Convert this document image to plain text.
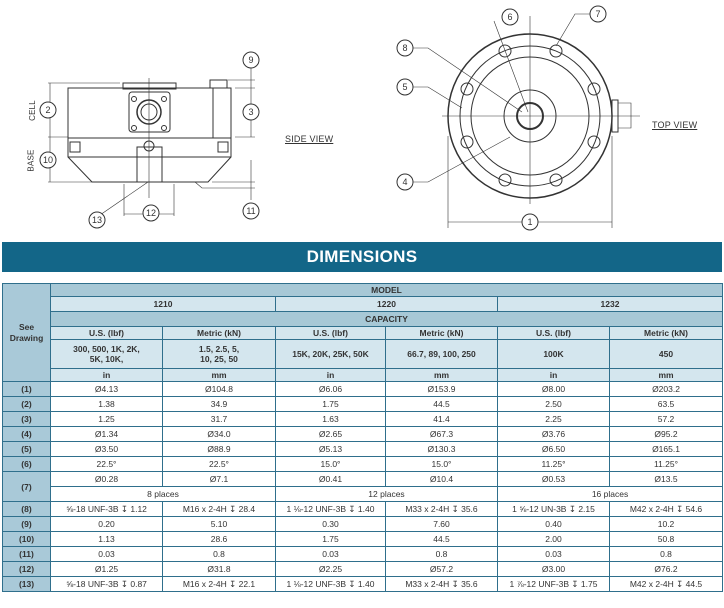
2	3
9
10
11
12
13	1
4
5
6	7
8
SIDE VIEW
TOP VIEW
CELL
BASE
DIMENSIONS
See Drawing	MODEL					
	1210		1220		1232	
	CAPACITY					
	U.S. (lbf)	Metric (kN)	U.S. (lbf)	Metric (kN)	U.S. (lbf)	Metric (kN)
	300, 500, 1K, 2K, 5K, 10K,	1.5, 2.5, 5, 10, 25, 50	15K, 20K, 25K, 50K	66.7, 89, 100, 250	100K	450
	in	mm	in	mm	in	mm
(1)	Ø4.13	Ø104.8	Ø6.06	Ø153.9	Ø8.00	Ø203.2
(2)	1.38	34.9	1.75	44.5	2.50	63.5
(3)	1.25	31.7	1.63	41.4	2.25	57.2
(4)	Ø1.34	Ø34.0	Ø2.65	Ø67.3	Ø3.76	Ø95.2
(5)	Ø3.50	Ø88.9	Ø5.13	Ø130.3	Ø6.50	Ø165.1
(6)	22.5°	22.5°	15.0°	15.0°	11.25°	11.25°
(7)	Ø0.28	Ø7.1	Ø0.41	Ø10.4	Ø0.53	Ø13.5
	8 places		12 places		16 places	
(8)	⅝-18 UNF-3B ↧ 1.12	M16 x 2-4H ↧ 28.4	1 ⅛-12 UNF-3B ↧ 1.40	M33 x 2-4H ↧ 35.6	1 ⅝-12 UN-3B ↧ 2.15	M42 x 2-4H ↧ 54.6
(9)	0.20	5.10	0.30	7.60	0.40	10.2
(10)	1.13	28.6	1.75	44.5	2.00	50.8
(11)	0.03	0.8	0.03	0.8	0.03	0.8
(12)	Ø1.25	Ø31.8	Ø2.25	Ø57.2	Ø3.00	Ø76.2
(13)	⅝-18 UNF-3B ↧ 0.87	M16 x 2-4H ↧ 22.1	1 ⅛-12 UNF-3B ↧ 1.40	M33 x 2-4H ↧ 35.6	1 ⅞-12 UNF-3B ↧ 1.75	M42 x 2-4H ↧ 44.5
